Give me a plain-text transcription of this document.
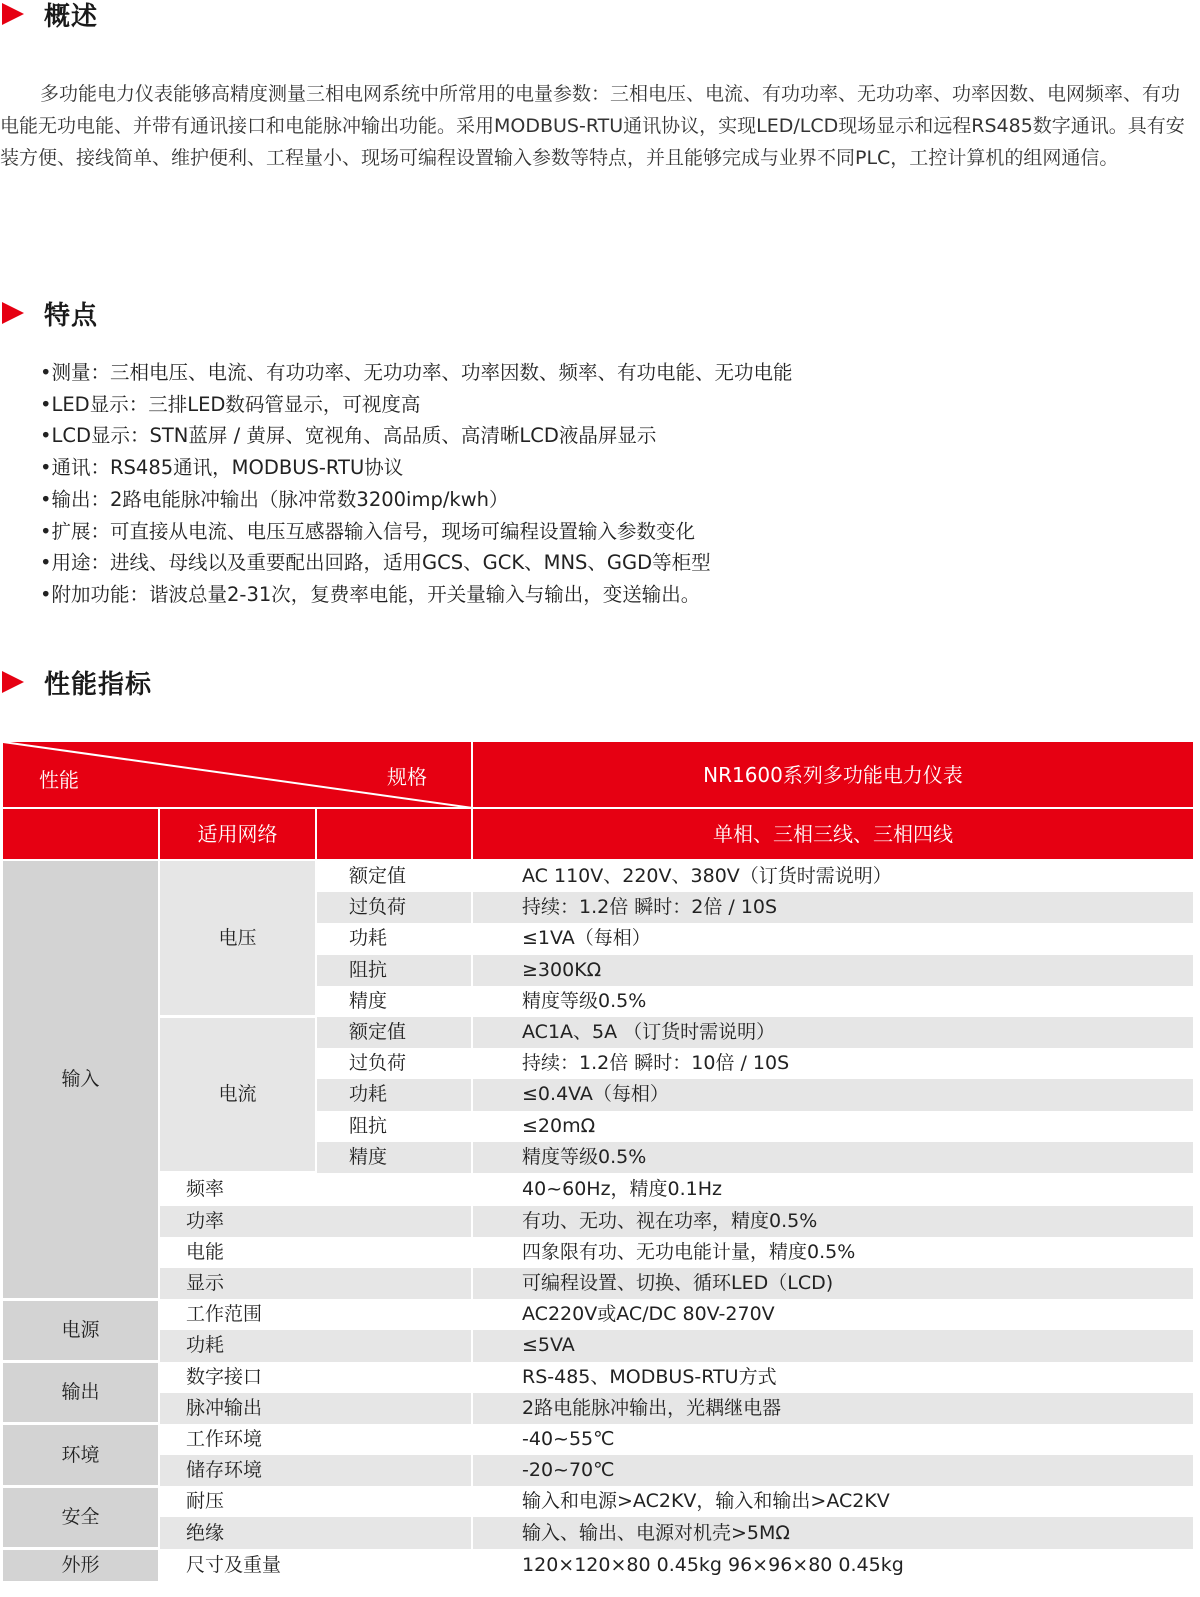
概述

多功能电力仪表能够高精度测量三相电网系统中所常用的电量参数：三相电压、电流、有功功率、无功功率、功率因数、电网频率、有功电能无功电能、并带有通讯接口和电能脉冲输出功能。采用MODBUS-RTU通讯协议，实现LED/LCD现场显示和远程RS485数字通讯。具有安装方便、接线简单、维护便利、工程量小、现场可编程设置输入参数等特点，并且能够完成与业界不同PLC，工控计算机的组网通信。

特点
•测量：三相电压、电流、有功功率、无功功率、功率因数、频率、有功电能、无功电能
•LED显示：三排LED数码管显示，可视度高
•LCD显示：STN蓝屏 / 黄屏、宽视角、高品质、高清晰LCD液晶屏显示
•通讯：RS485通讯，MODBUS-RTU协议
•输出：2路电能脉冲输出（脉冲常数3200imp/kwh）
•扩展：可直接从电流、电压互感器输入信号，现场可编程设置输入参数变化
•用途：进线、母线以及重要配出回路，适用GCS、GCK、MNS、GGD等柜型
•附加功能：谐波总量2-31次，复费率电能，开关量输入与输出，变送输出。
性能指标
性能 规格			NR1600系列多功能电力仪表
	适用网络		单相、三相三线、三相四线
输入	电压	额定值	AC 110V、220V、380V（订货时需说明）
		过负荷	持续：1.2倍 瞬时：2倍 / 10S
		功耗	≤1VA（每相）
		阻抗	≥300KΩ
		精度	精度等级0.5%
	电流	额定值	AC1A、5A （订货时需说明）
		过负荷	持续：1.2倍 瞬时：10倍 / 10S
		功耗	≤0.4VA（每相）
		阻抗	≤20mΩ
		精度	精度等级0.5%
	频率		40~60Hz，精度0.1Hz
	功率		有功、无功、视在功率，精度0.5%
	电能		四象限有功、无功电能计量，精度0.5%
	显示		可编程设置、切换、循环LED（LCD)
电源	工作范围		AC220V或AC/DC 80V-270V
	功耗		≤5VA
输出	数字接口		RS-485、MODBUS-RTU方式
	脉冲输出		2路电能脉冲输出，光耦继电器
环境	工作环境		-40~55℃
	储存环境		-20~70℃
安全	耐压		输入和电源>AC2KV，输入和输出>AC2KV
	绝缘		输入、输出、电源对机壳>5MΩ
外形	尺寸及重量		120×120×80 0.45kg 96×96×80 0.45kg
